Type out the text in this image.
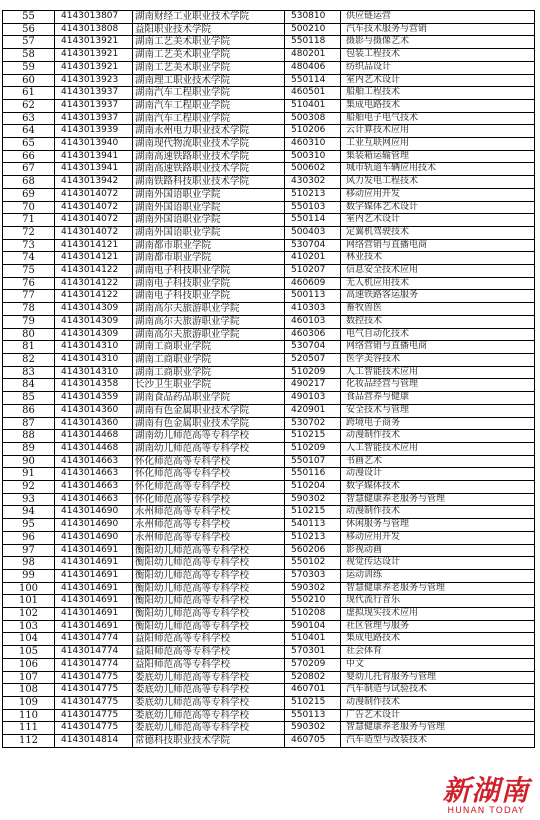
55	4143013807	湖南财经工业职业技术学院	530810	供应链运营
56	4143013808	益阳职业技术学院	500210	汽车技术服务与营销
57	4143013921	湖南工艺美术职业学院	550118	摄影与摄像艺术
58	4143013921	湖南工艺美术职业学院	480201	包装工程技术
59	4143013921	湖南工艺美术职业学院	480406	纺织品设计
60	4143013923	湖南理工职业技术学院	550114	室内艺术设计
61	4143013937	湖南汽车工程职业学院	460501	船舶工程技术
62	4143013937	湖南汽车工程职业学院	510401	集成电路技术
63	4143013937	湖南汽车工程职业学院	500308	船舶电子电气技术
64	4143013939	湖南永州电力职业技术学院	510206	云计算技术应用
65	4143013940	湖南现代物流职业技术学院	460310	工业互联网应用
66	4143013941	湖南高速铁路职业技术学院	500310	集装箱运输管理
67	4143013941	湖南高速铁路职业技术学院	500602	城市轨道车辆应用技术
68	4143013942	湖南铁路科技职业技术学院	430302	风力发电工程技术
69	4143014072	湖南外国语职业学院	510213	移动应用开发
70	4143014072	湖南外国语职业学院	550103	数字媒体艺术设计
71	4143014072	湖南外国语职业学院	550114	室内艺术设计
72	4143014072	湖南外国语职业学院	500403	定翼机驾驶技术
73	4143014121	湖南都市职业学院	530704	网络营销与直播电商
74	4143014121	湖南都市职业学院	410201	林业技术
75	4143014122	湖南电子科技职业学院	510207	信息安全技术应用
76	4143014122	湖南电子科技职业学院	460609	无人机应用技术
77	4143014122	湖南电子科技职业学院	500113	高速铁路客运服务
78	4143014309	湖南高尔夫旅游职业学院	410303	畜牧兽医
79	4143014309	湖南高尔夫旅游职业学院	460103	数控技术
80	4143014309	湖南高尔夫旅游职业学院	460306	电气自动化技术
81	4143014310	湖南工商职业学院	530704	网络营销与直播电商
82	4143014310	湖南工商职业学院	520507	医学美容技术
83	4143014310	湖南工商职业学院	510209	人工智能技术应用
84	4143014358	长沙卫生职业学院	490217	化妆品经营与管理
85	4143014359	湖南食品药品职业学院	490103	食品营养与健康
86	4143014360	湖南有色金属职业技术学院	420901	安全技术与管理
87	4143014360	湖南有色金属职业技术学院	530702	跨境电子商务
88	4143014468	湖南幼儿师范高等专科学校	510215	动漫制作技术
89	4143014468	湖南幼儿师范高等专科学校	510209	人工智能技术应用
90	4143014663	怀化师范高等专科学校	550107	书画艺术
91	4143014663	怀化师范高等专科学校	550116	动漫设计
92	4143014663	怀化师范高等专科学校	510204	数字媒体技术
93	4143014663	怀化师范高等专科学校	590302	智慧健康养老服务与管理
94	4143014690	永州师范高等专科学校	510215	动漫制作技术
95	4143014690	永州师范高等专科学校	540113	休闲服务与管理
96	4143014690	永州师范高等专科学校	510213	移动应用开发
97	4143014691	衡阳幼儿师范高等专科学校	560206	影视动画
98	4143014691	衡阳幼儿师范高等专科学校	550102	视觉传达设计
99	4143014691	衡阳幼儿师范高等专科学校	570303	运动训练
100	4143014691	衡阳幼儿师范高等专科学校	590302	智慧健康养老服务与管理
101	4143014691	衡阳幼儿师范高等专科学校	550210	现代流行音乐
102	4143014691	衡阳幼儿师范高等专科学校	510208	虚拟现实技术应用
103	4143014691	衡阳幼儿师范高等专科学校	590104	社区管理与服务
104	4143014774	益阳师范高等专科学校	510401	集成电路技术
105	4143014774	益阳师范高等专科学校	570301	社会体育
106	4143014774	益阳师范高等专科学校	570209	中文
107	4143014775	娄底幼儿师范高等专科学校	520802	婴幼儿托育服务与管理
108	4143014775	娄底幼儿师范高等专科学校	460701	汽车制造与试验技术
109	4143014775	娄底幼儿师范高等专科学校	510215	动漫制作技术
110	4143014775	娄底幼儿师范高等专科学校	550113	广告艺术设计
111	4143014775	娄底幼儿师范高等专科学校	590302	智慧健康养老服务与管理
112	4143014814	常德科技职业技术学院	460705	汽车造型与改装技术
新湖南
HUNAN TODAY
